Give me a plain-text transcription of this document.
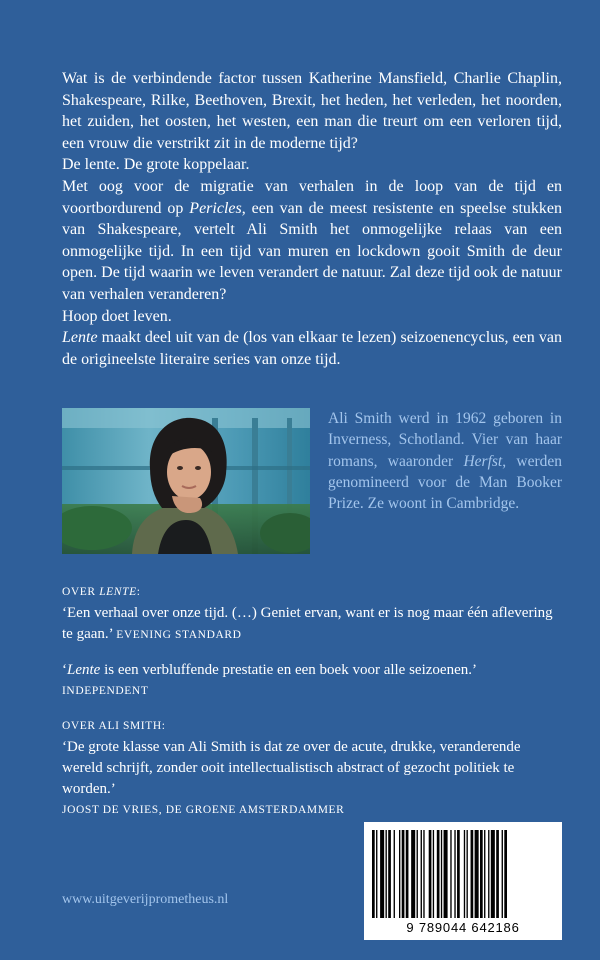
Wat is de verbindende factor tussen Katherine Mansfield, Charlie Chaplin, Shakespeare, Rilke, Beethoven, Brexit, het heden, het verleden, het noorden, het zuiden, het oosten, het westen, een man die treurt om een verloren tijd, een vrouw die verstrikt zit in de moderne tijd?

De lente. De grote koppelaar.

Met oog voor de migratie van verhalen in de loop van de tijd en voortbordurend op Pericles, een van de meest resistente en speelse stukken van Shakespeare, vertelt Ali Smith het onmogelijke relaas van een onmogelijke tijd. In een tijd van muren en lockdown gooit Smith de deur open. De tijd waarin we leven verandert de natuur. Zal deze tijd ook de natuur van verhalen veranderen?

Hoop doet leven.

Lente maakt deel uit van de (los van elkaar te lezen) seizoenencyclus, een van de origineelste literaire series van onze tijd.

Ali Smith werd in 1962 geboren in Inverness, Schotland. Vier van haar romans, waaronder Herfst, werden genomineerd voor de Man Booker Prize. Ze woont in Cambridge.

OVER LENTE:

‘Een verhaal over onze tijd. (…) Geniet ervan, want er is nog maar één aflevering te gaan.’ EVENING STANDARD

‘Lente is een verbluffende prestatie en een boek voor alle seizoenen.’

INDEPENDENT

OVER ALI SMITH:

‘De grote klasse van Ali Smith is dat ze over de acute, drukke, veranderende wereld schrijft, zonder ooit intellectualistisch abstract of gezocht politiek te worden.’

JOOST DE VRIES, DE GROENE AMSTERDAMMER

www.uitgeverijprometheus.nl
9 789044 642186
